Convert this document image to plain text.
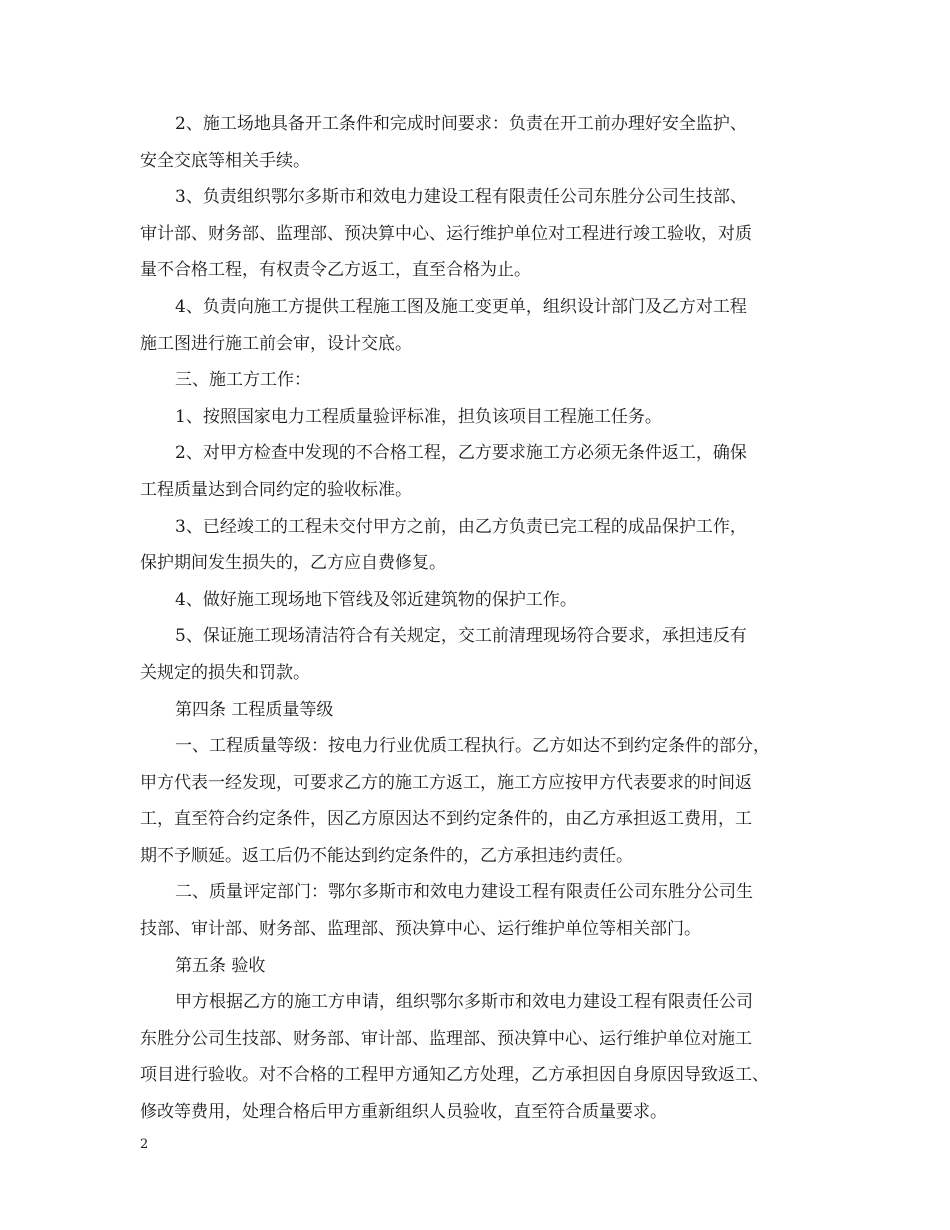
2、施工场地具备开工条件和完成时间要求：负责在开工前办理好安全监护、
安全交底等相关手续。
3、负责组织鄂尔多斯市和效电力建设工程有限责任公司东胜分公司生技部、
审计部、财务部、监理部、预决算中心、运行维护单位对工程进行竣工验收，对质
量不合格工程，有权责令乙方返工，直至合格为止。
4、负责向施工方提供工程施工图及施工变更单，组织设计部门及乙方对工程
施工图进行施工前会审，设计交底。
三、施工方工作：
1、按照国家电力工程质量验评标准，担负该项目工程施工任务。
2、对甲方检查中发现的不合格工程，乙方要求施工方必须无条件返工，确保
工程质量达到合同约定的验收标准。
3、已经竣工的工程未交付甲方之前，由乙方负责已完工程的成品保护工作，
保护期间发生损失的，乙方应自费修复。
4、做好施工现场地下管线及邻近建筑物的保护工作。
5、保证施工现场清洁符合有关规定，交工前清理现场符合要求，承担违反有
关规定的损失和罚款。
第四条 工程质量等级
一、工程质量等级：按电力行业优质工程执行。乙方如达不到约定条件的部分，
甲方代表一经发现，可要求乙方的施工方返工，施工方应按甲方代表要求的时间返
工，直至符合约定条件，因乙方原因达不到约定条件的，由乙方承担返工费用，工
期不予顺延。返工后仍不能达到约定条件的，乙方承担违约责任。
二、质量评定部门：鄂尔多斯市和效电力建设工程有限责任公司东胜分公司生
技部、审计部、财务部、监理部、预决算中心、运行维护单位等相关部门。
第五条 验收
甲方根据乙方的施工方申请，组织鄂尔多斯市和效电力建设工程有限责任公司
东胜分公司生技部、财务部、审计部、监理部、预决算中心、运行维护单位对施工
项目进行验收。对不合格的工程甲方通知乙方处理，乙方承担因自身原因导致返工、
修改等费用，处理合格后甲方重新组织人员验收，直至符合质量要求。
2
